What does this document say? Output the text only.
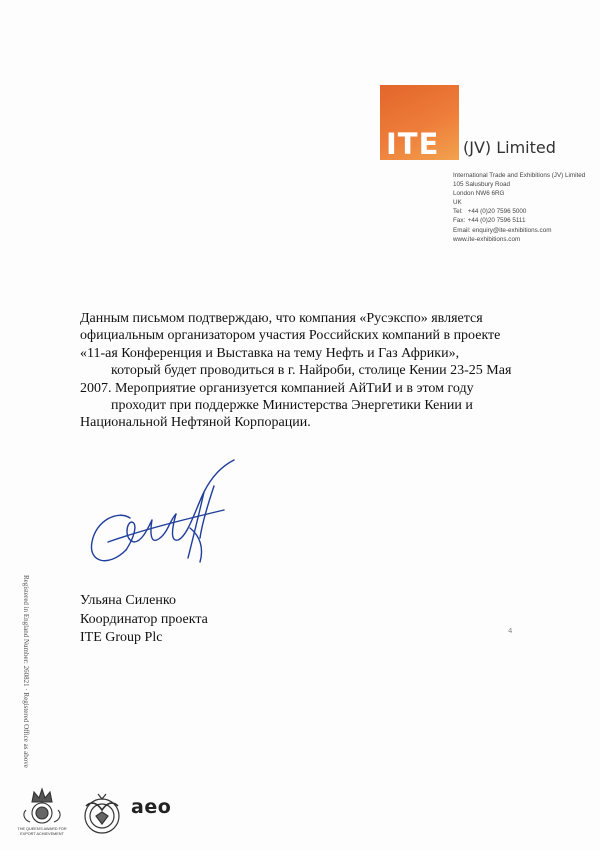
ITE (JV) Limited
International Trade and Exhibitions (JV) Limited
105 Salusbury Road
London NW6 6RG
UK
Tel: +44 (0)20 7596 5000
Fax: +44 (0)20 7596 5111
Email: enquiry@ite-exhibitions.com
www.ite-exhibitions.com
Данным письмом подтверждаю, что компания «Русэкспо» является
официальным организатором участия Российских компаний в проекте
«11-ая Конференция и Выставка на тему Нефть и Газ Африки»,
который будет проводиться в г. Найроби, столице Кении 23-25 Мая
2007. Мероприятие организуется компанией АйТиИ и в этом году
проходит при поддержке Министерства Энергетики Кении и
Национальной Нефтяной Корпорации.
Ульяна Силенко
Координатор проекта
ITE Group Plc	4
Registered in England Number: 260821 · Registered Office as above
THE QUEEN'S AWARD FOR
EXPORT ACHIEVEMENT
aeo
